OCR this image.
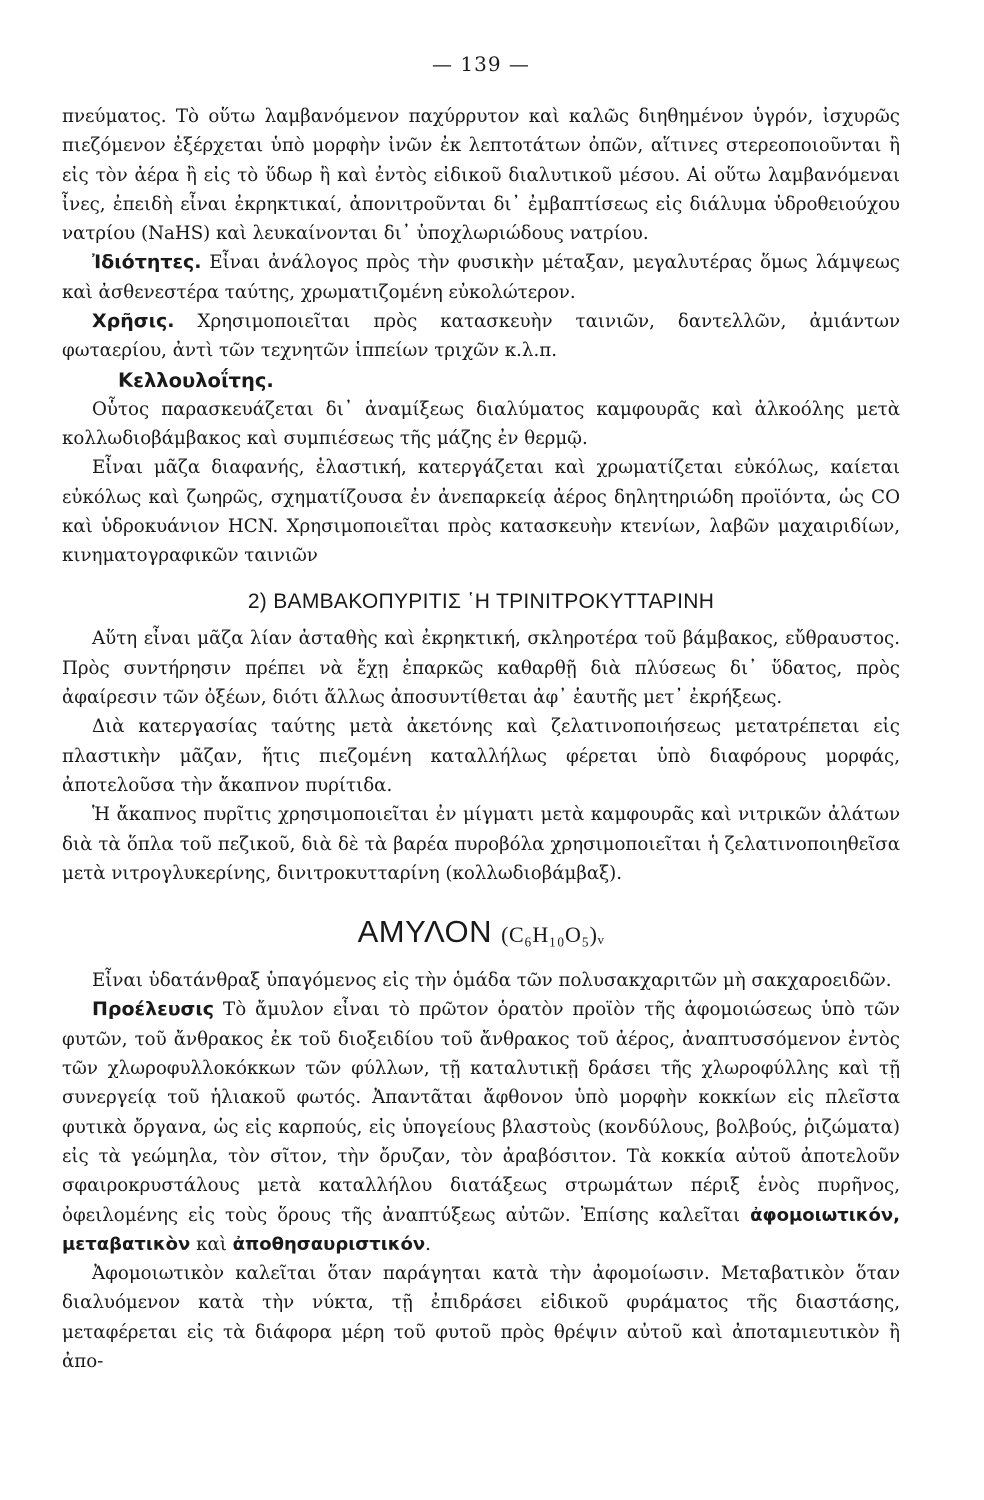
— 139 —

πνεύματος. Τὸ οὕτω λαμβανόμενον παχύρρυτον καὶ καλῶς διηθημένον ὑγρόν, ἰσχυρῶς πιεζόμενον ἐξέρχεται ὑπὸ μορφὴν ἰνῶν ἐκ λεπτοτάτων ὀπῶν, αἵτινες στερεοποιοῦνται ἢ εἰς τὸν ἀέρα ἢ εἰς τὸ ὕδωρ ἢ καὶ ἐντὸς εἰδικοῦ διαλυτικοῦ μέσου. Αἱ οὕτω λαμβανόμεναι ἶνες, ἐπειδὴ εἶναι ἐκρηκτικαί, ἀπονιτροῦνται δι᾽ ἐμβαπτίσεως εἰς διάλυμα ὑδροθειούχου νατρίου (NaHS) καὶ λευκαίνονται δι᾽ ὑποχλωριώδους νατρίου.

Ἰδιότητες. Εἶναι ἀνάλογος πρὸς τὴν φυσικὴν μέταξαν, μεγαλυτέρας ὅμως λάμψεως καὶ ἀσθενεστέρα ταύτης, χρωματιζομένη εὐκολώτερον.

Χρῆσις. Χρησιμοποιεῖται πρὸς κατασκευὴν ταινιῶν, δαντελλῶν, ἀμιάντων φωταερίου, ἀντὶ τῶν τεχνητῶν ἱππείων τριχῶν κ.λ.π.

Κελλουλοΐτης.

Οὗτος παρασκευάζεται δι᾽ ἀναμίξεως διαλύματος καμφουρᾶς καὶ ἀλκοόλης μετὰ κολλωδιοβάμβακος καὶ συμπιέσεως τῆς μάζης ἐν θερμῷ.

Εἶναι μᾶζα διαφανής, ἐλαστική, κατεργάζεται καὶ χρωματίζεται εὐκόλως, καίεται εὐκόλως καὶ ζωηρῶς, σχηματίζουσα ἐν ἀνεπαρκείᾳ ἀέρος δηλητηριώδη προϊόντα, ὡς CO καὶ ὑδροκυάνιον HCN. Χρησιμοποιεῖται πρὸς κατασκευὴν κτενίων, λαβῶν μαχαιριδίων, κινηματογραφικῶν ταινιῶν

2) ΒΑΜΒΑΚΟΠΥΡΙΤΙΣ ῾Η ΤΡΙΝΙΤΡΟΚΥΤΤΑΡΙΝΗ

Αὕτη εἶναι μᾶζα λίαν ἀσταθὴς καὶ ἐκρηκτική, σκληροτέρα τοῦ βάμβακος, εὔθραυστος. Πρὸς συντήρησιν πρέπει νὰ ἔχῃ ἐπαρκῶς καθαρθῇ διὰ πλύσεως δι᾽ ὕδατος, πρὸς ἀφαίρεσιν τῶν ὀξέων, διότι ἄλλως ἀποσυντίθεται ἀφ᾽ ἑαυτῆς μετ᾽ ἐκρήξεως.

Διὰ κατεργασίας ταύτης μετὰ ἀκετόνης καὶ ζελατινοποιήσεως μετατρέπεται εἰς πλαστικὴν μᾶζαν, ἥτις πιεζομένη καταλλήλως φέρεται ὑπὸ διαφόρους μορφάς, ἀποτελοῦσα τὴν ἄκαπνον πυρίτιδα.

Ἡ ἄκαπνος πυρῖτις χρησιμοποιεῖται ἐν μίγματι μετὰ καμφουρᾶς καὶ νιτρικῶν ἀλάτων διὰ τὰ ὅπλα τοῦ πεζικοῦ, διὰ δὲ τὰ βαρέα πυροβόλα χρησιμοποιεῖται ἡ ζελατινοποιηθεῖσα μετὰ νιτρογλυκερίνης, δινιτροκυτταρίνη (κολλωδιοβάμβαξ).

ΑΜΥΛΟΝ (C₆H₁₀O₅)ᵥ

Εἶναι ὑδατάνθραξ ὑπαγόμενος εἰς τὴν ὁμάδα τῶν πολυσακχαριτῶν μὴ σακχαροειδῶν.

Προέλευσις Τὸ ἄμυλον εἶναι τὸ πρῶτον ὁρατὸν προϊὸν τῆς ἀφομοιώσεως ὑπὸ τῶν φυτῶν, τοῦ ἄνθρακος ἐκ τοῦ διοξειδίου τοῦ ἄνθρακος τοῦ ἀέρος, ἀναπτυσσόμενον ἐντὸς τῶν χλωροφυλλοκόκκων τῶν φύλλων, τῇ καταλυτικῇ δράσει τῆς χλωροφύλλης καὶ τῇ συνεργείᾳ τοῦ ἡλιακοῦ φωτός. Ἀπαντᾶται ἄφθονον ὑπὸ μορφὴν κοκκίων εἰς πλεῖστα φυτικὰ ὄργανα, ὡς εἰς καρπούς, εἰς ὑπογείους βλαστοὺς (κονδύλους, βολβούς, ῥιζώματα) εἰς τὰ γεώμηλα, τὸν σῖτον, τὴν ὄρυζαν, τὸν ἀραβόσιτον. Τὰ κοκκία αὐτοῦ ἀποτελοῦν σφαιροκρυστάλους μετὰ καταλλήλου διατάξεως στρωμάτων πέριξ ἑνὸς πυρῆνος, ὀφειλομένης εἰς τοὺς ὅρους τῆς ἀναπτύξεως αὐτῶν. Ἐπίσης καλεῖται ἀφομοιωτικόν, μεταβατικὸν καὶ ἀποθησαυριστικόν.

Ἀφομοιωτικὸν καλεῖται ὅταν παράγηται κατὰ τὴν ἀφομοίωσιν. Μεταβατικὸν ὅταν διαλυόμενον κατὰ τὴν νύκτα, τῇ ἐπιδράσει εἰδικοῦ φυράματος τῆς διαστάσης, μεταφέρεται εἰς τὰ διάφορα μέρη τοῦ φυτοῦ πρὸς θρέψιν αὐτοῦ καὶ ἀποταμιευτικὸν ἢ ἀπο-
